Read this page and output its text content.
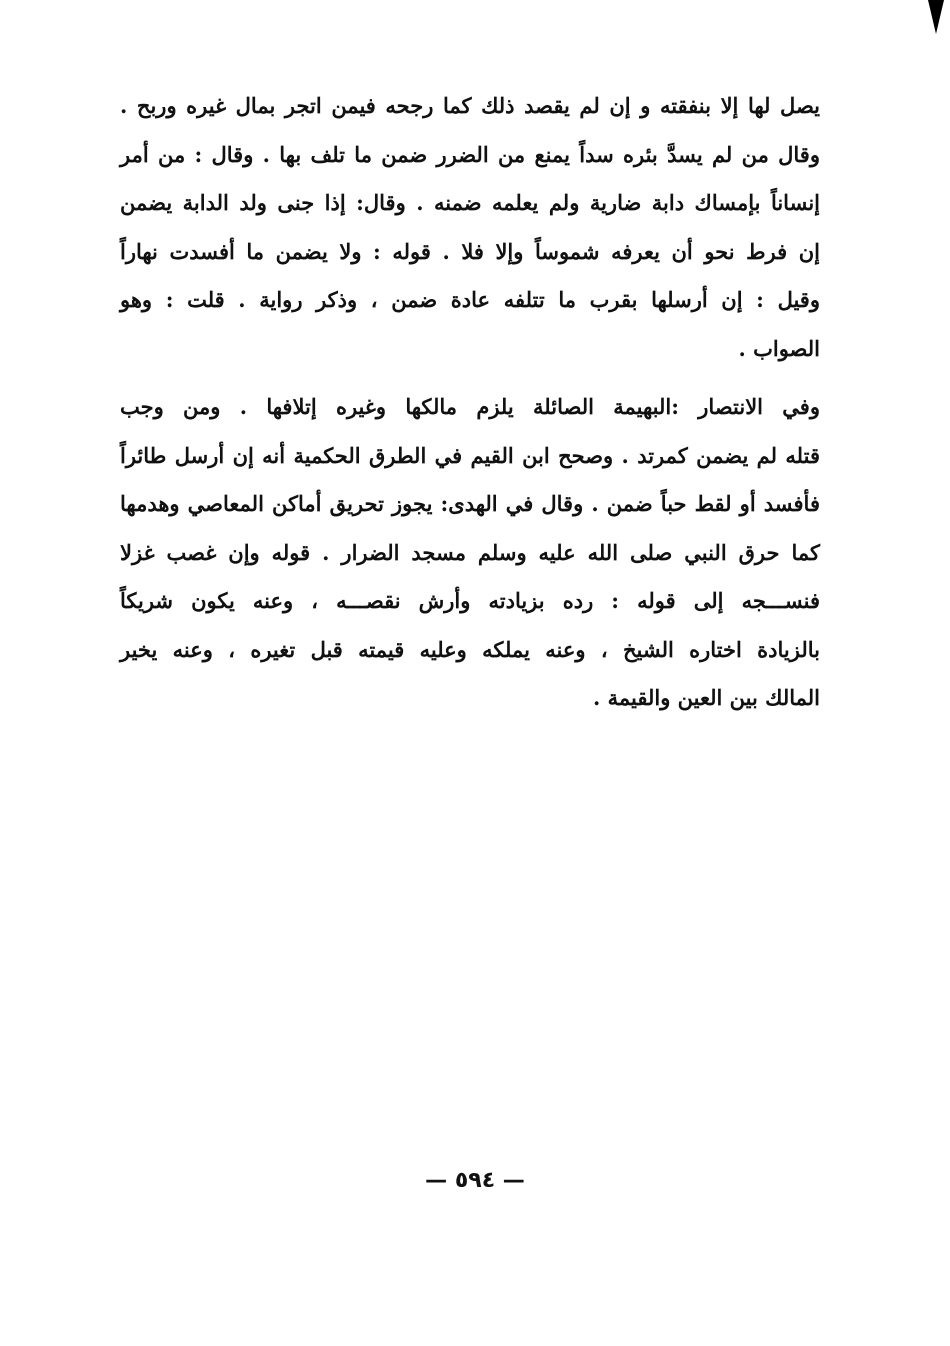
يصل لها إلا بنفقته و إن لم يقصد ذلك كما رجحه فيمن اتجر بمال غيره وربح .
وقال من لم يسدَّ بئره سداً يمنع من الضرر ضمن ما تلف بها . وقال : من أمر
إنساناً بإمساك دابة ضارية ولم يعلمه ضمنه . وقال: إذا جنى ولد الدابة يضمن
إن فرط نحو أن يعرفه شموساً وإلا فلا . قوله : ولا يضمن ما أفسدت نهاراً
وقيل : إن أرسلها بقرب ما تتلفه عادة ضمن ، وذكر رواية . قلت : وهو
الصواب .
وفي الانتصار :البهيمة الصائلة يلزم مالكها وغيره إتلافها . ومن وجب
قتله لم يضمن كمرتد . وصحح ابن القيم في الطرق الحكمية أنه إن أرسل طائراً
فأفسد أو لقط حباً ضمن . وقال في الهدى: يجوز تحريق أماكن المعاصي وهدمها
كما حرق النبي صلى الله عليه وسلم مسجد الضرار . قوله وإن غصب غزلا
فنســـجه إلى قوله : رده بزيادته وأرش نقصـــه ، وعنه يكون شريكاً
بالزيادة اختاره الشيخ ، وعنه يملكه وعليه قيمته قبل تغيره ، وعنه يخير
المالك بين العين والقيمة .
— ٥٩٤ —
